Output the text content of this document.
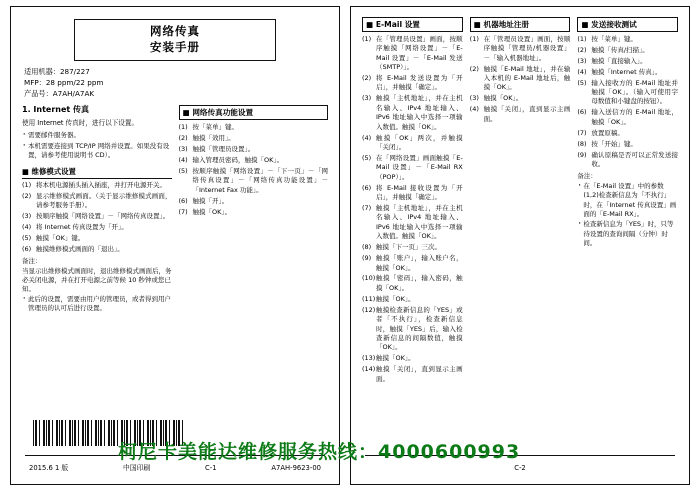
网络传真
安装手册
适用机器：287/227
MFP：28 ppm/22 ppm
产品号：A7AH/A7AK
1. Internet 传真

使用 Internet 传真时，进行以下设置。

· 需要邮件服务器。
· 本机需要连接到 TCP/IP 网络并设置。如果没有设置，请参考使用说明书 CD）。
■ 维修模式设置
(1) 将本机电源插头插入插座，并打开电源开关。
(2) 显示维修模式画面。（关于显示维修模式画面，请参考服务手册）。
(3) 按顺序触摸「网络设置」－「网络传真设置」。
(4) 将 Internet 传真设置为「开」。
(5) 触摸「OK」键。
(6) 触摸维修模式画面的「退出」。
备注：
当显示出维修模式画面时，退出维修模式画面后，务必关闭电源，并在打开电源之前等候 10 秒钟或您已知。
· 此后的设置，需要由用户的管理员，或者得到用户管理员的认可后进行设置。
■ 网络传真功能设置
(1) 按「菜单」键。
(2) 触摸「效用」。
(3) 触摸「管理员设置」。
(4) 输入管理员密码，触摸「OK」。
(5) 按顺序触摸「网络设置」－「下一页」－「网络传真设置」－「网络传真功能设置」－「Internet Fax 功能」。
(6) 触摸「开」。
(7) 触摸「OK」。
2015.6 1 版	中国印刷	C-1	A7AH-9623-00
■ E-Mail 设置
(1) 在「管理员设置」画面，按顺序触摸「网络设置」－「E-Mail 设置」－「E-Mail 发送（SMTP）」。
(2) 将 E-Mail 发送设置为「开启」，并触摸「确定」。
(3) 触摸「主机地址」，并在主机名输入、IPv4 地址输入、IPv6 地址输入中选择一项输入数值。触摸「OK」。
(4) 触摸「OK」两次，并触摸「关闭」。
(5) 在「网络设置」画面触摸「E-Mail 设置」－「E-Mail RX（POP）」。
(6) 将 E-Mail 接收设置为「开启」，并触摸「确定」。
(7) 触摸「主机地址」，并在主机名输入、IPv4 地址输入、IPv6 地址输入中选择一项输入数值。触摸「OK」。
(8) 触摸「下一页」三次。
(9) 触摸「账户」，输入账户名，触摸「OK」。
(10) 触摸「密码」，输入密码，触摸「OK」。
(11) 触摸「OK」。
(12) 触摸检查新信息的「YES」或者「不执行」，检查新信息时，触摸「YES」后，输入检查新信息的间隔数值，触摸「OK」。
(13) 触摸「OK」。
(14) 触摸「关闭」，直到显示主画面。
■ 机器地址注册
(1) 在「管理员设置」画面，按顺序触摸「管理员/机器设置」－「输入机器地址」。
(2) 触摸「E-Mail 地址」，并在输入本机的 E-Mail 地址后，触摸「OK」。
(3) 触摸「OK」。
(4) 触摸「关闭」，直到显示主画面。
■ 发送接收测试
(1) 按「菜单」键。
(2) 触摸「传真/扫描」。
(3) 触摸「直接输入」。
(4) 触摸「Internet 传真」。
(5) 输入接收方的 E-Mail 地址并触摸「OK」。（输入可使用字母数值和小键盘的按钮）。
(6) 输入送信方的 E-Mail 地址，触摸「OK」。
(7) 放置原稿。
(8) 按「开始」键。
(9) 确认原稿是否可以正常发送接收。
备注：
· 在「E-Mail 设置」中的参数(1,2)检查新信息为「不执行」时，在「Internet 传真设置」画面的「E-Mail RX」。
· 检查新信息为「YES」时，只等待设置的查询间隔（分钟）时间。
C-2
柯尼卡美能达维修服务热线：4000600993
